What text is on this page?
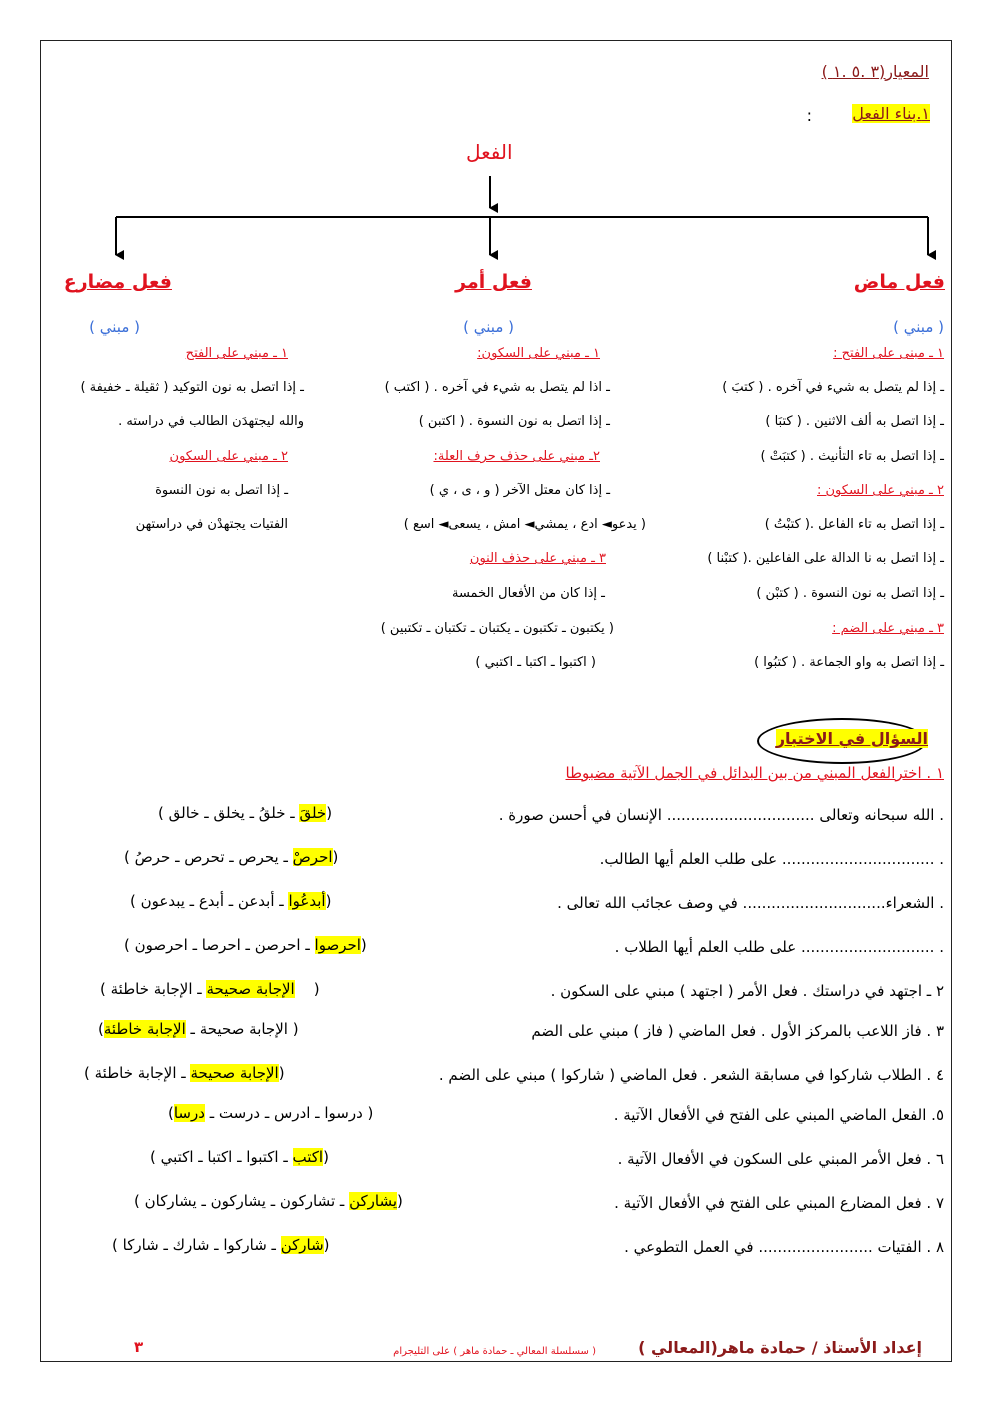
المعيار(٣ .٥ .١ )
١.بناء الفعل
:
الفعل
فعل ماض
فعل أمر
فعل مضارع
( مبني )
( مبني )
( مبني )
١ ـ مبنى على الفتح :
ـ إذا لم يتصل به شيء في آخره . ( كتبَ )
ـ إذا اتصل به ألف الاثنين . ( كتبَا )
ـ إذا اتصل به تاء التأنيث . ( كتبَتْ )
٢ ـ مبني على السكون :
ـ إذا اتصل به تاء الفاعل .( كتبْتُ )
ـ إذا اتصل به نا الدالة على الفاعلين .( كتبْنا )
ـ إذا اتصل به نون النسوة . ( كتبْن )
٣ ـ مبني على الضم :
ـ إذا اتصل به واو الجماعة . ( كتبُوا )
١ ـ مبني على السكون:
ـ اذا لم يتصل به شيء في آخره . ( اكتب )
ـ إذا اتصل به نون النسوة . ( اكتبن )
٢ـ مبني على حذف حرف العلة:
ـ إذا كان معتل الآخر ( و ، ى ، ي )
( يدعو◄ ادع ، يمشي◄ امش ، يسعى◄ اسع )
٣ ـ مبني على حذف النون
ـ إذا كان من الأفعال الخمسة
( يكتبون ـ تكتبون ـ يكتبان ـ تكتبان ـ تكتبين )
( اكتبوا ـ اكتبا ـ اكتبي )
١ ـ مبني على الفتح
ـ إذا اتصل به نون التوكيد ( ثقيلة ـ خفيفة )
والله ليجتهدَن الطالب في دراسته .
٢ ـ مبني على السكون
ـ إذا اتصل به نون النسوة
الفتيات يجتهدْن في دراستهن
السؤال في الاختبار
١ . اخترالفعل المبني من بين البدائل في الجمل الآتية مضبوطا
. الله سبحانه وتعالى ............................... الإنسان في أحسن صورة .
(خلقَ ـ خلقُ ـ يخلق ـ خالق )
. ................................ على طلب العلم أيها الطالب.
(احرصْ ـ يحرص ـ تحرص ـ حرصُ )
. الشعراء.............................. في وصف عجائب الله تعالى .
(أبدعُوا ـ أبدعن ـ أبدع ـ يبدعون )
. ............................ على طلب العلم أيها الطلاب .
(احرصوا ـ احرصن ـ احرصا ـ احرصون )
٢ ـ اجتهد في دراستك . فعل الأمر ( اجتهد ) مبني على السكون .
(    الإجابة صحيحة ـ الإجابة خاطئة )
٣ . فاز اللاعب بالمركز الأول . فعل الماضي ( فاز ) مبني على الضم
( الإجابة صحيحة ـ الإجابة خاطئة)
٤ . الطلاب شاركوا في مسابقة الشعر . فعل الماضي ( شاركوا ) مبني على الضم .
(الإجابة صحيحة ـ الإجابة خاطئة )
٥. الفعل الماضي المبني على الفتح في الأفعال الآتية .
( درسوا ـ ادرس ـ درست ـ درسا)
٦ . فعل الأمر المبني على السكون في الأفعال الآتية .
(اكتب ـ اكتبوا ـ اكتبا ـ اكتبي )
٧ . فعل المضارع المبني على الفتح في الأفعال الآتية .
(يشاركن ـ تشاركون ـ يشاركون ـ يشاركان )
٨ . الفتيات ........................ في العمل التطوعي .
(شاركن ـ شاركوا ـ شارك ـ شاركا )
إعداد الأستاذ / حمادة ماهر(المعالي )
( سسلسلة المعالي ـ حمادة ماهر ) على التليجرام
٣
